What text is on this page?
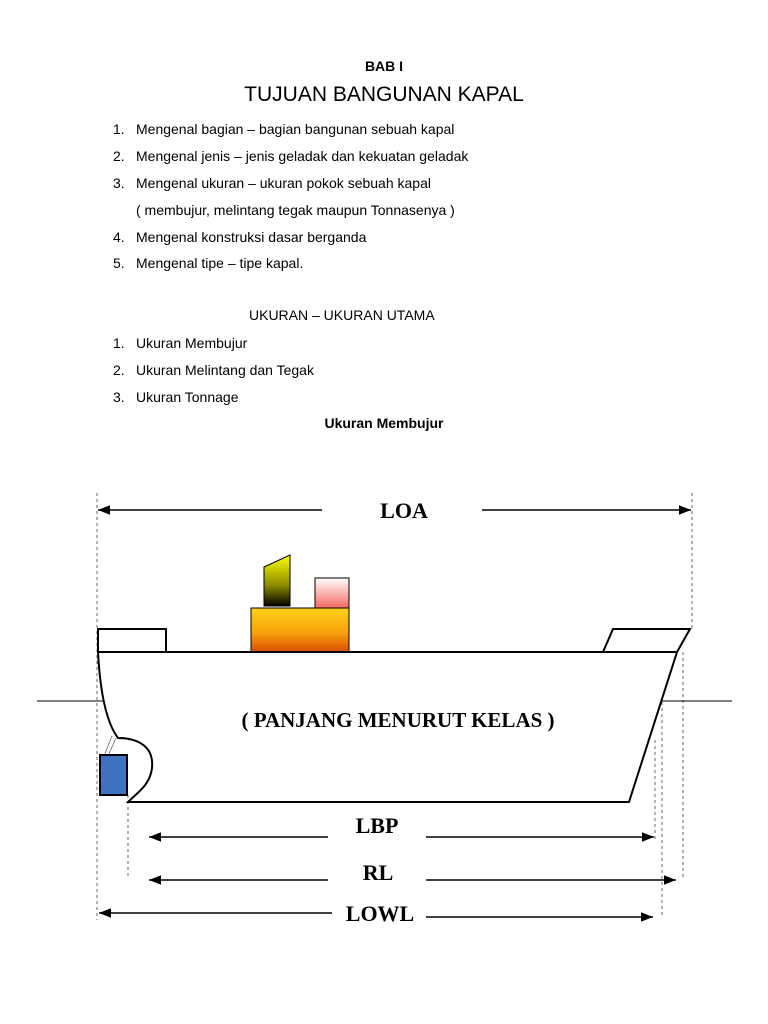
BAB I
TUJUAN BANGUNAN KAPAL
1. Mengenal bagian – bagian bangunan sebuah kapal
2. Mengenal jenis – jenis geladak dan kekuatan geladak
3. Mengenal ukuran – ukuran pokok sebuah kapal
( membujur, melintang tegak maupun Tonnasenya )
4. Mengenal konstruksi dasar berganda
5. Mengenal tipe – tipe kapal.
UKURAN – UKURAN UTAMA
1. Ukuran Membujur
2. Ukuran Melintang dan Tegak
3. Ukuran Tonnage
Ukuran Membujur
LOA
( PANJANG MENURUT KELAS )
LBP
RL
LOWL
